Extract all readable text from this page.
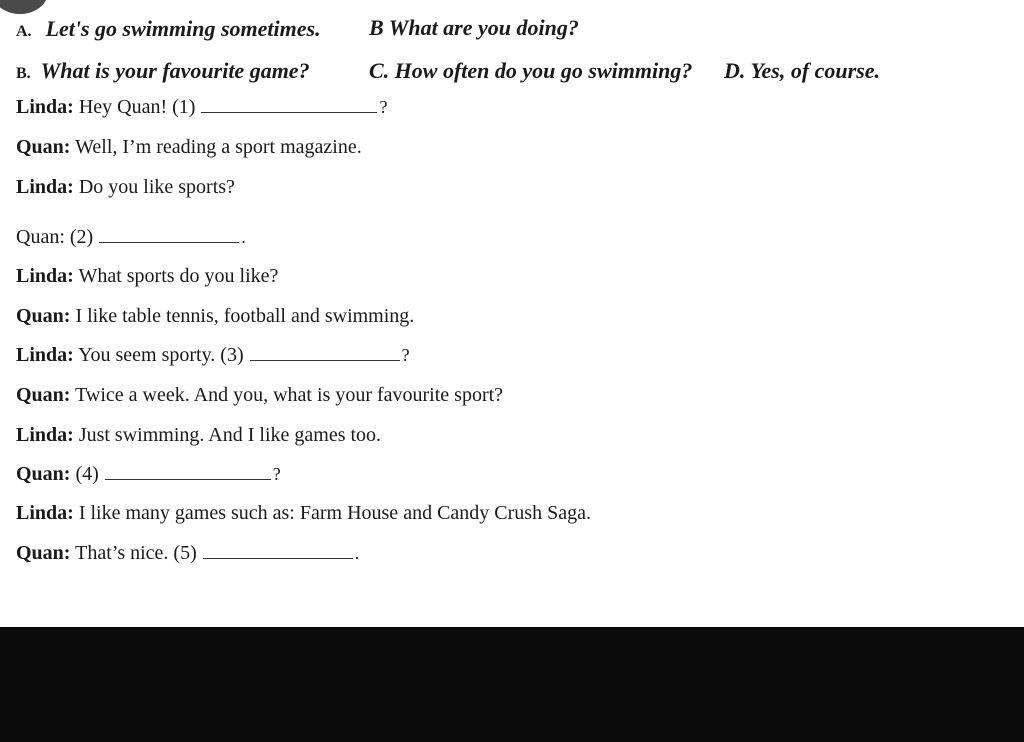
A. Let's go swimming sometimes. B What are you doing?
B. What is your favourite game?	C. How often do you go swimming? D. Yes, of course.
Linda: Hey Quan! (1)	?
Quan: Well, I’m reading a sport magazine.
Linda: Do you like sports?
Quan: (2)	.
Linda: What sports do you like?
Quan: I like table tennis, football and swimming.
Linda: You seem sporty. (3)	?
Quan: Twice a week. And you, what is your favourite sport?
Linda: Just swimming. And I like games too.
Quan: (4)	?
Linda: I like many games such as: Farm House and Candy Crush Saga.
Quan: That’s nice. (5)	.
